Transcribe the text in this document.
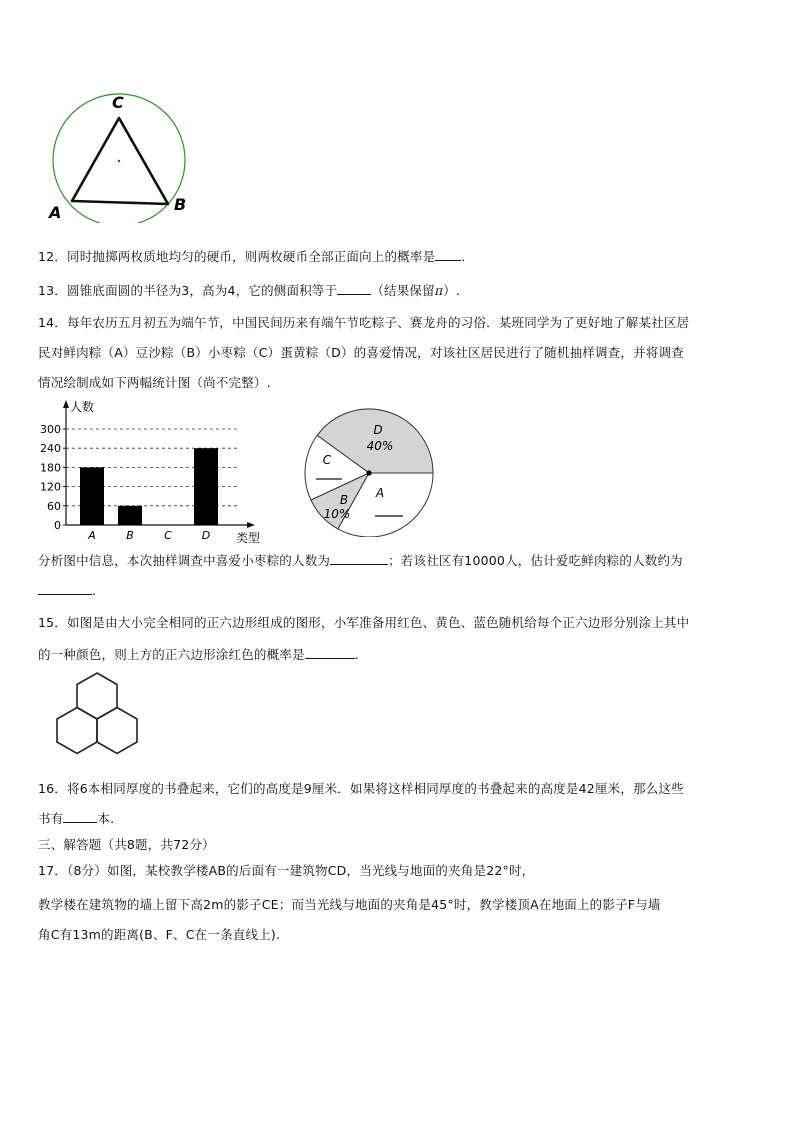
C
A	B
12．同时抛掷两枚质地均匀的硬币，则两枚硬币全部正面向上的概率是 ．
13．圆锥底面圆的半径为3，高为4，它的侧面积等于	（结果保留π）.
14．每年农历五月初五为端午节，中国民间历来有端午节吃粽子、赛龙舟的习俗．某班同学为了更好地了解某社区居
民对鲜肉粽（A）豆沙粽（B）小枣粽（C）蛋黄粽（D）的喜爱情况，对该社区居民进行了随机抽样调查，并将调查
情况绘制成如下两幅统计图（尚不完整）.
人数
0
60
120
180
240
300
A	B	C	D 类型
D
40%
C
B
10%
A
分析图中信息，本次抽样调查中喜爱小枣粽的人数为	；若该社区有10000人，估计爱吃鲜肉粽的人数约为
.
15．如图是由大小完全相同的正六边形组成的图形，小军准备用红色、黄色、蓝色随机给每个正六边形分别涂上其中
的一种颜色，则上方的正六边形涂红色的概率是	.
16．将6本相同厚度的书叠起来，它们的高度是9厘米．如果将这样相同厚度的书叠起来的高度是42厘米，那么这些
书有	本.
三、解答题（共8题，共72分）
17．（8分）如图，某校教学楼AB的后面有一建筑物CD，当光线与地面的夹角是22°时，
教学楼在建筑物的墙上留下高2m的影子CE；而当光线与地面的夹角是45°时，教学楼顶A在地面上的影子F与墙
角C有13m的距离(B、F、C在一条直线上).
